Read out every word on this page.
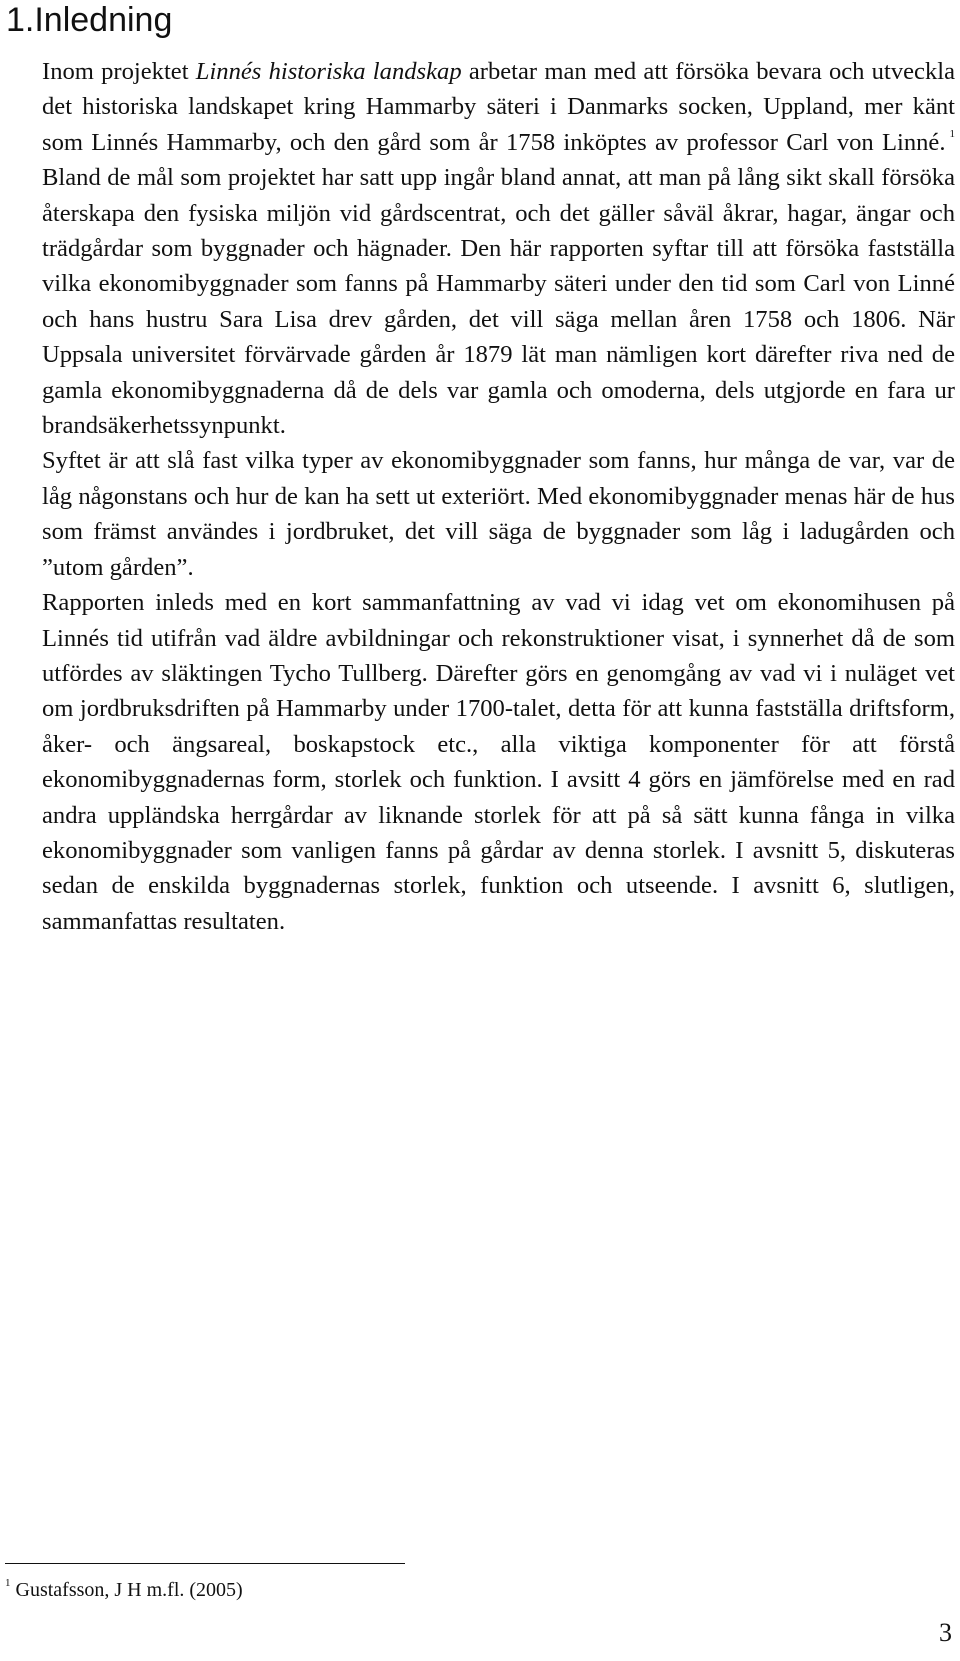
1.Inledning

Inom projektet Linnés historiska landskap arbetar man med att försöka bevara och utveckla det historiska landskapet kring Hammarby säteri i Danmarks socken, Uppland, mer känt som Linnés Hammarby, och den gård som år 1758 inköptes av professor Carl von Linné. $^1$ Bland de mål som projektet har satt upp ingår bland annat, att man på lång sikt skall försöka återskapa den fysiska miljön vid gårdscentrat, och det gäller såväl åkrar, hagar, ängar och trädgårdar som byggnader och hägnader. Den här rapporten syftar till att försöka fastställa vilka ekonomibyggnader som fanns på Hammarby säteri under den tid som Carl von Linné och hans hustru Sara Lisa drev gården, det vill säga mellan åren 1758 och 1806. När Uppsala universitet förvärvade gården år 1879 lät man nämligen kort därefter riva ned de gamla ekonomibyggnaderna då de dels var gamla och omoderna, dels utgjorde en fara ur brandsäkerhetssynpunkt.

Syftet är att slå fast vilka typer av ekonomibyggnader som fanns, hur många de var, var de låg någonstans och hur de kan ha sett ut exteriört. Med ekonomibyggnader menas här de hus som främst användes i jordbruket, det vill säga de byggnader som låg i ladugården och ”utom gården”.

Rapporten inleds med en kort sammanfattning av vad vi idag vet om ekonomihusen på Linnés tid utifrån vad äldre avbildningar och rekonstruktioner visat, i synnerhet då de som utfördes av släktingen Tycho Tullberg. Därefter görs en genomgång av vad vi i nuläget vet om jordbruksdriften på Hammarby under 1700-talet, detta för att kunna fastställa driftsform, åker- och ängsareal, boskapstock etc., alla viktiga komponenter för att förstå ekonomibyggnadernas form, storlek och funktion. I avsitt 4 görs en jämförelse med en rad andra uppländska herrgårdar av liknande storlek för att på så sätt kunna fånga in vilka ekonomibyggnader som vanligen fanns på gårdar av denna storlek. I avsnitt 5, diskuteras sedan de enskilda byggnadernas storlek, funktion och utseende. I avsnitt 6, slutligen, sammanfattas resultaten.

$^1$ Gustafsson, J H m.fl. (2005)
3
